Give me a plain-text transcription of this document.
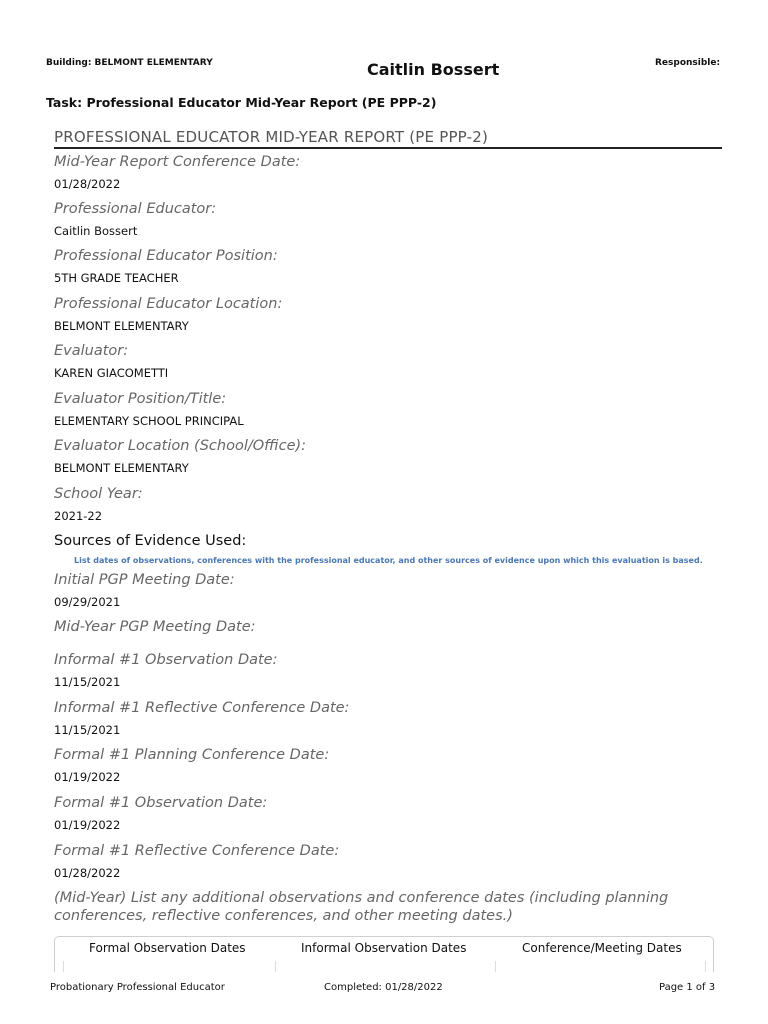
Building: BELMONT ELEMENTARY	Caitlin Bossert	Responsible:
Task: Professional Educator Mid-Year Report (PE PPP-2)
PROFESSIONAL EDUCATOR MID-YEAR REPORT (PE PPP-2)
Mid-Year Report Conference Date:
01/28/2022
Professional Educator:
Caitlin Bossert
Professional Educator Position:
5TH GRADE TEACHER
Professional Educator Location:
BELMONT ELEMENTARY
Evaluator:
KAREN GIACOMETTI
Evaluator Position/Title:
ELEMENTARY SCHOOL PRINCIPAL
Evaluator Location (School/Office):
BELMONT ELEMENTARY
School Year:
2021-22
Sources of Evidence Used:
List dates of observations, conferences with the professional educator, and other sources of evidence upon which this evaluation is based.
Initial PGP Meeting Date:
09/29/2021
Mid-Year PGP Meeting Date:
Informal #1 Observation Date:
11/15/2021
Informal #1 Reflective Conference Date:
11/15/2021
Formal #1 Planning Conference Date:
01/19/2022
Formal #1 Observation Date:
01/19/2022
Formal #1 Reflective Conference Date:
01/28/2022
(Mid-Year) List any additional observations and conference dates (including planning conferences, reflective conferences, and other meeting dates.)
Formal Observation Dates	Informal Observation Dates	Conference/Meeting Dates
Probationary Professional Educator	Completed: 01/28/2022	Page 1 of 3
